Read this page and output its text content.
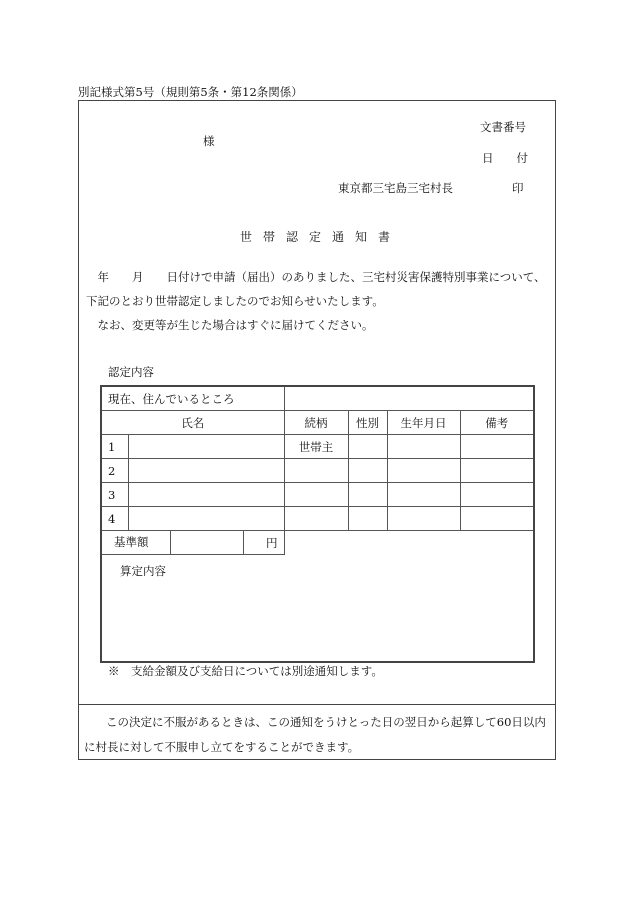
別記様式第5号（規則第5条・第12条関係）
様
文書番号
日　　付
東京都三宅島三宅村長	印
世帯認定通知書
　年　　月　　日付けで申請（届出）のありました、三宅村災害保護特別事業について、下記のとおり世帯認定しましたのでお知らせいたします。
　なお、変更等が生じた場合はすぐに届けてください。
認定内容
現在、住んでいるところ						
氏名			続柄	性別	生年月日	備考
1			世帯主			
2						
3						
4						

基準額		円				
算定内容						
※　支給金額及び支給日については別途通知します。
この決定に不服があるときは、この通知をうけとった日の翌日から起算して60日以内に村長に対して不服申し立てをすることができます。
